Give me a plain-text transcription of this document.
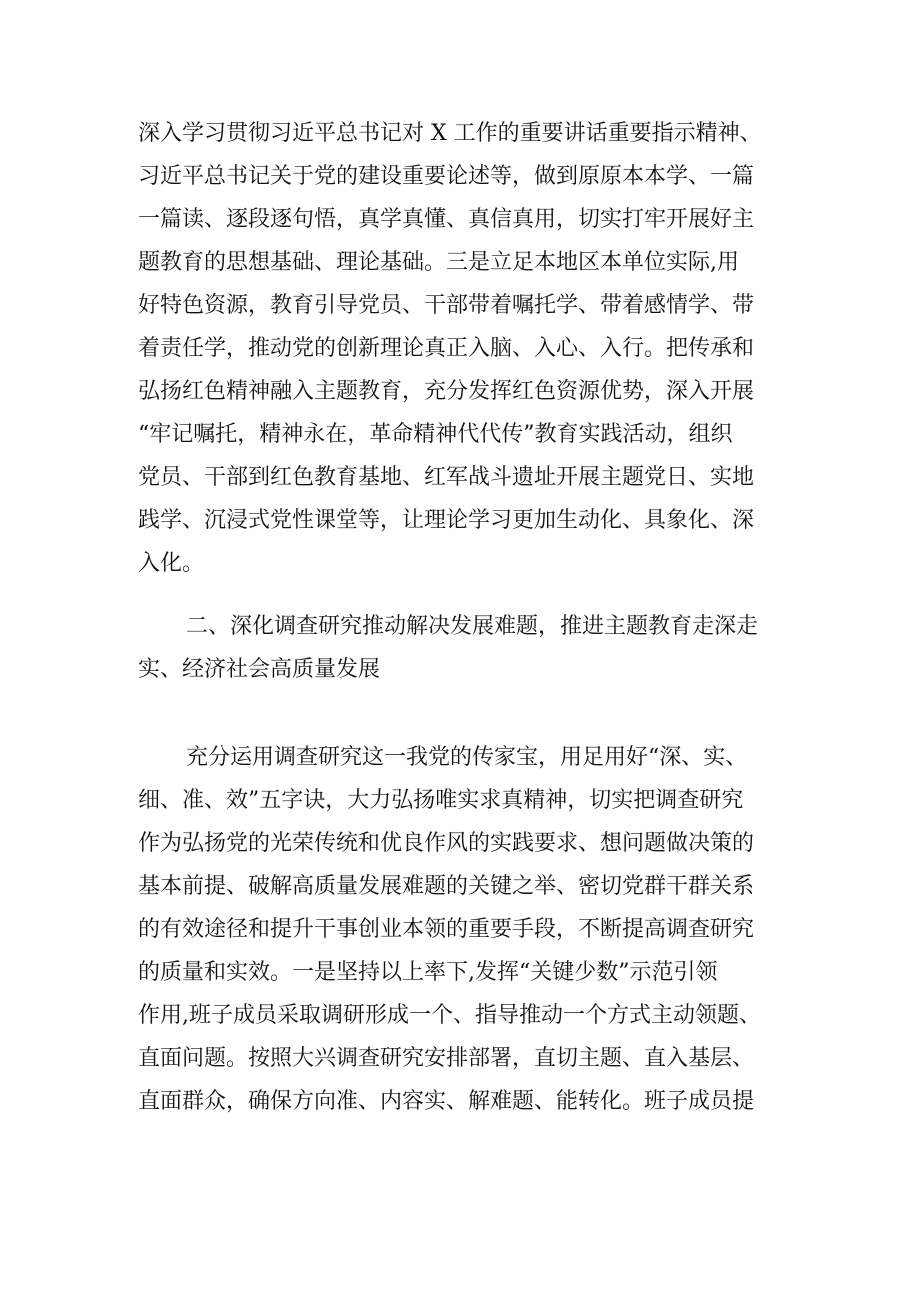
深入学习贯彻习近平总书记对 X 工作的重要讲话重要指示精神、
习近平总书记关于党的建设重要论述等，做到原原本本学、一篇
一篇读、逐段逐句悟，真学真懂、真信真用，切实打牢开展好主
题教育的思想基础、理论基础。三是立足本地区本单位实际,用
好特色资源，教育引导党员、干部带着嘱托学、带着感情学、带
着责任学，推动党的创新理论真正入脑、入心、入行。把传承和
弘扬红色精神融入主题教育，充分发挥红色资源优势，深入开展
“牢记嘱托，精神永在，革命精神代代传”教育实践活动，组织
党员、干部到红色教育基地、红军战斗遗址开展主题党日、实地
践学、沉浸式党性课堂等，让理论学习更加生动化、具象化、深
入化。
二、深化调查研究推动解决发展难题，推进主题教育走深走
实、经济社会高质量发展
充分运用调查研究这一我党的传家宝，用足用好“深、实、
细、准、效”五字诀，大力弘扬唯实求真精神，切实把调查研究
作为弘扬党的光荣传统和优良作风的实践要求、想问题做决策的
基本前提、破解高质量发展难题的关键之举、密切党群干群关系
的有效途径和提升干事创业本领的重要手段，不断提高调查研究
的质量和实效。一是坚持以上率下,发挥“关键少数”示范引领
作用,班子成员采取调研形成一个、指导推动一个方式主动领题、
直面问题。按照大兴调查研究安排部署，直切主题、直入基层、
直面群众，确保方向准、内容实、解难题、能转化。班子成员提
